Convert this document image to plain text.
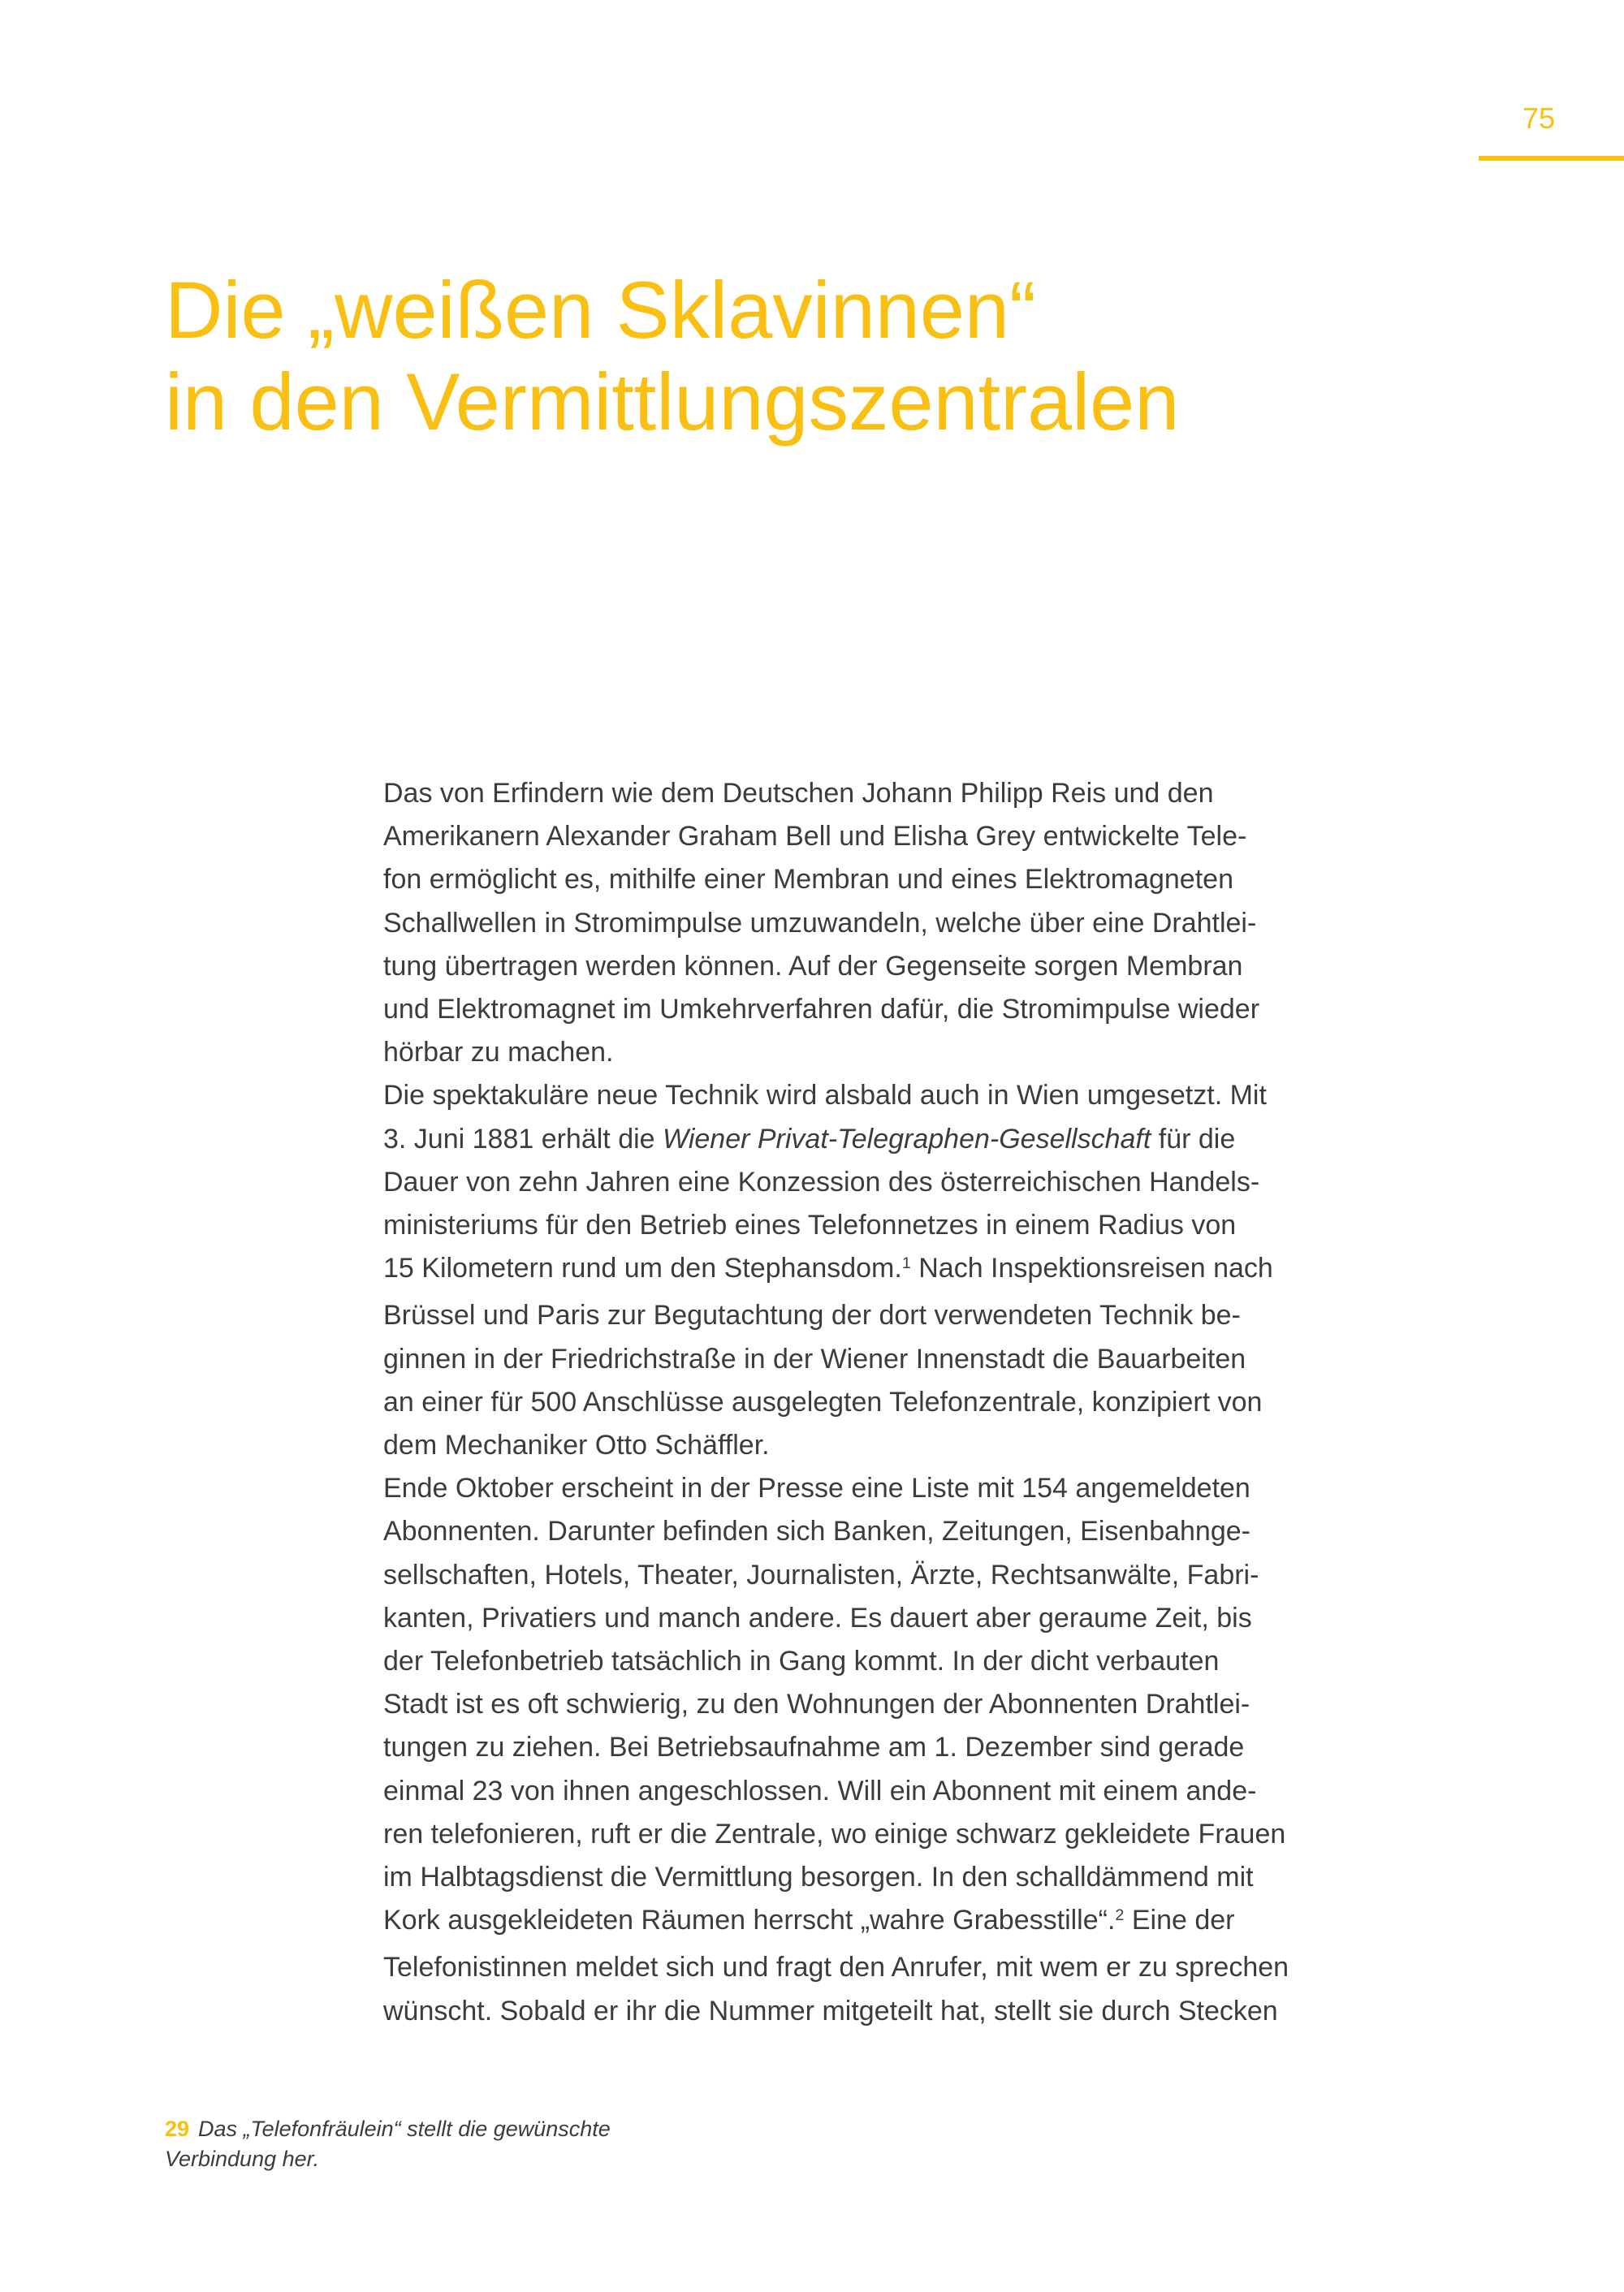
75
Die „weißen Sklavinnen“
in den Vermittlungszentralen
Das von Erfindern wie dem Deutschen Johann Philipp Reis und den
Amerikanern Alexander Graham Bell und Elisha Grey entwickelte Tele-
fon ermöglicht es, mithilfe einer Membran und eines Elektromagneten
Schallwellen in Stromimpulse umzuwandeln, welche über eine Drahtlei-
tung übertragen werden können. Auf der Gegenseite sorgen Membran
und Elektromagnet im Umkehrverfahren dafür, die Stromimpulse wieder
hörbar zu machen.
Die spektakuläre neue Technik wird alsbald auch in Wien umgesetzt. Mit
3. Juni 1881 erhält die Wiener Privat-Telegraphen-Gesellschaft für die
Dauer von zehn Jahren eine Konzession des österreichischen Handels-
ministeriums für den Betrieb eines Telefonnetzes in einem Radius von
15 Kilometern rund um den Stephansdom.$^1$ Nach Inspektionsreisen nach
Brüssel und Paris zur Begutachtung der dort verwendeten Technik be-
ginnen in der Friedrichstraße in der Wiener Innenstadt die Bauarbeiten
an einer für 500 Anschlüsse ausgelegten Telefonzentrale, konzipiert von
dem Mechaniker Otto Schäffler.
Ende Oktober erscheint in der Presse eine Liste mit 154 angemeldeten
Abonnenten. Darunter befinden sich Banken, Zeitungen, Eisenbahnge-
sellschaften, Hotels, Theater, Journalisten, Ärzte, Rechtsanwälte, Fabri-
kanten, Privatiers und manch andere. Es dauert aber geraume Zeit, bis
der Telefonbetrieb tatsächlich in Gang kommt. In der dicht verbauten
Stadt ist es oft schwierig, zu den Wohnungen der Abonnenten Drahtlei-
tungen zu ziehen. Bei Betriebsaufnahme am 1. Dezember sind gerade
einmal 23 von ihnen angeschlossen. Will ein Abonnent mit einem ande-
ren telefonieren, ruft er die Zentrale, wo einige schwarz gekleidete Frauen
im Halbtagsdienst die Vermittlung besorgen. In den schalldämmend mit
Kork ausgekleideten Räumen herrscht „wahre Grabesstille“.$^2$ Eine der
Telefonistinnen meldet sich und fragt den Anrufer, mit wem er zu sprechen
wünscht. Sobald er ihr die Nummer mitgeteilt hat, stellt sie durch Stecken
29 Das „Telefonfräulein“ stellt die gewünschte
Verbindung her.
